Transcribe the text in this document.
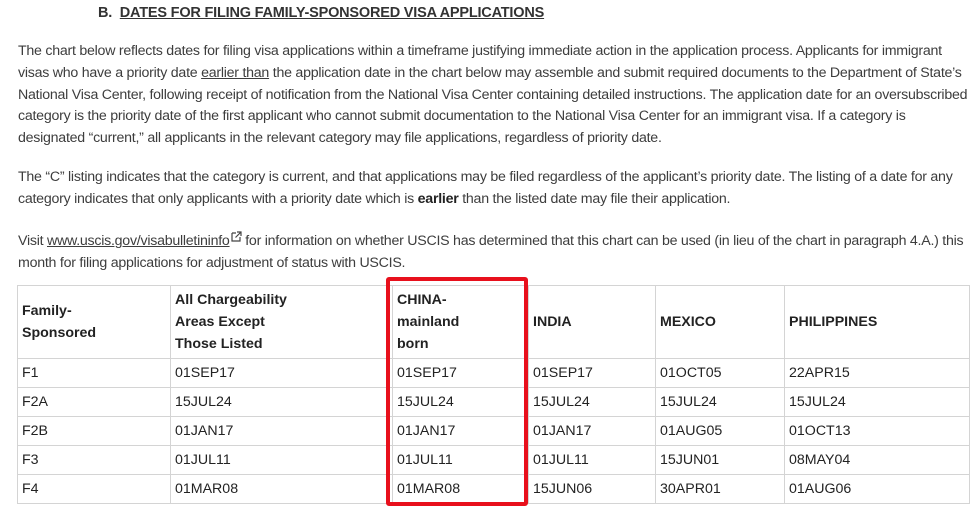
B. DATES FOR FILING FAMILY-SPONSORED VISA APPLICATIONS

The chart below reflects dates for filing visa applications within a timeframe justifying immediate action in the application process. Applicants for immigrant visas who have a priority date earlier than the application date in the chart below may assemble and submit required documents to the Department of State’s National Visa Center, following receipt of notification from the National Visa Center containing detailed instructions. The application date for an oversubscribed category is the priority date of the first applicant who cannot submit documentation to the National Visa Center for an immigrant visa. If a category is designated “current,” all applicants in the relevant category may file applications, regardless of priority date.

The “C” listing indicates that the category is current, and that applications may be filed regardless of the applicant’s priority date. The listing of a date for any category indicates that only applicants with a priority date which is earlier than the listed date may file their application.

Visit www.uscis.gov/visabulletininfo for information on whether USCIS has determined that this chart can be used (in lieu of the chart in paragraph 4.A.) this month for filing applications for adjustment of status with USCIS.

Family-
Sponsored	All Chargeability
Areas Except
Those Listed	CHINA-
mainland
born	INDIA	MEXICO	PHILIPPINES
F1	01SEP17	01SEP17	01SEP17	01OCT05	22APR15
F2A	15JUL24	15JUL24	15JUL24	15JUL24	15JUL24
F2B	01JAN17	01JAN17	01JAN17	01AUG05	01OCT13
F3	01JUL11	01JUL11	01JUL11	15JUN01	08MAY04
F4	01MAR08	01MAR08	15JUN06	30APR01	01AUG06
